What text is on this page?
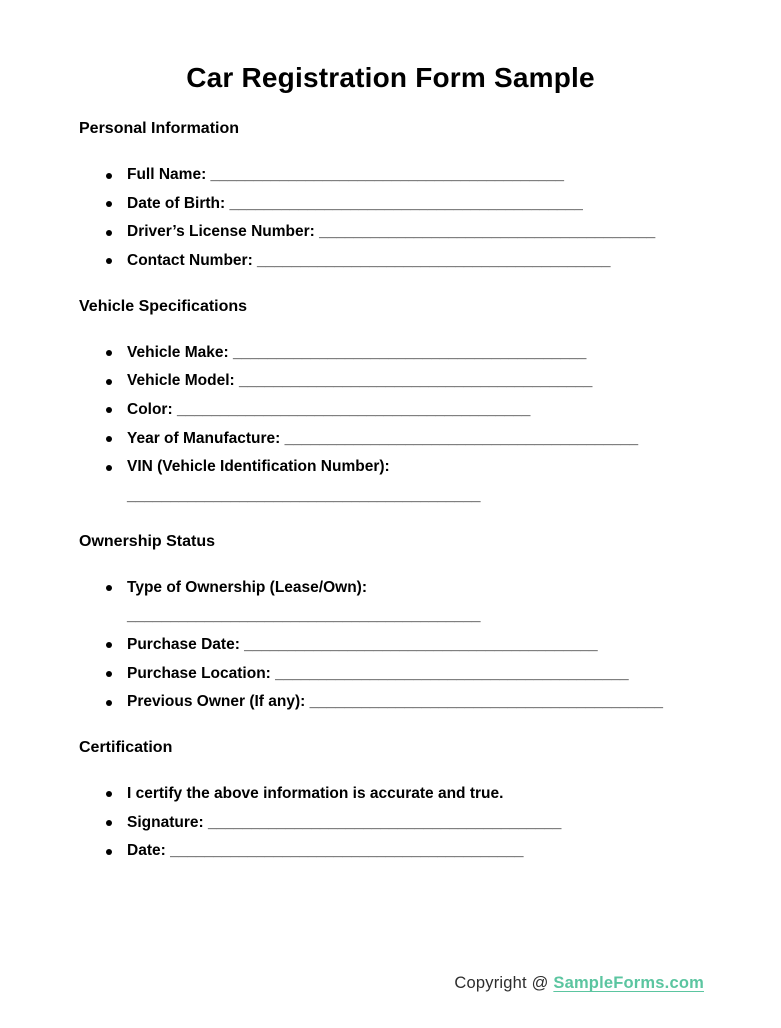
Car Registration Form Sample
Personal Information
Full Name: _________________________________________
Date of Birth: _________________________________________
Driver’s License Number: _______________________________________
Contact Number: _________________________________________
Vehicle Specifications
Vehicle Make: _________________________________________
Vehicle Model: _________________________________________
Color: _________________________________________
Year of Manufacture: _________________________________________
VIN (Vehicle Identification Number): _________________________________________
Ownership Status
Type of Ownership (Lease/Own): _________________________________________
Purchase Date: _________________________________________
Purchase Location: _________________________________________
Previous Owner (If any): _________________________________________
Certification
I certify the above information is accurate and true.
Signature: _________________________________________
Date: _________________________________________
Copyright @ SampleForms.com
